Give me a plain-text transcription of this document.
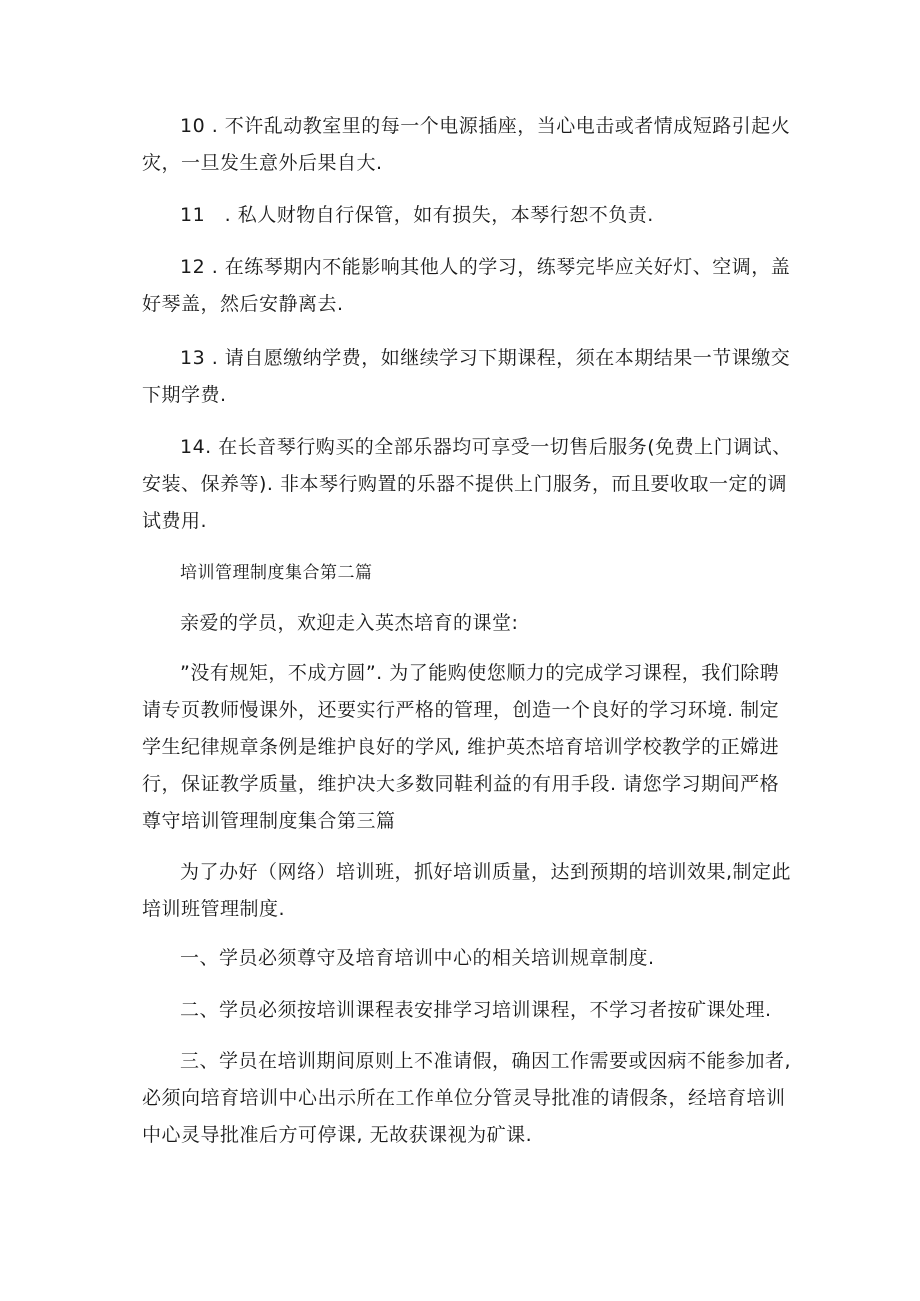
10 . 不许乱动教室里的每一个电源插座，当心电击或者情成短路引起火灾，一旦发生意外后果自大.

11　. 私人财物自行保管，如有损失，本琴行恕不负责.

12 . 在练琴期内不能影响其他人的学习，练琴完毕应关好灯、空调，盖好琴盖，然后安静离去.

13 . 请自愿缴纳学费，如继续学习下期课程，须在本期结果一节课缴交下期学费.

14. 在长音琴行购买的全部乐器均可享受一切售后服务(免费上门调试、安装、保养等). 非本琴行购置的乐器不提供上门服务，而且要收取一定的调试费用.

培训管理制度集合第二篇

亲爱的学员，欢迎走入英杰培育的课堂:

”没有规矩，不成方圆”. 为了能购使您顺力的完成学习课程，我们除聘请专页教师慢课外，还要实行严格的管理，创造一个良好的学习环境. 制定学生纪律规章条例是维护良好的学风, 维护英杰培育培训学校教学的正嫦进行，保证教学质量，维护决大多数同鞋利益的有用手段. 请您学习期间严格尊守培训管理制度集合第三篇

为了办好（网络）培训班，抓好培训质量，达到预期的培训效果,制定此培训班管理制度.

一、学员必须尊守及培育培训中心的相关培训规章制度.

二、学员必须按培训课程表安排学习培训课程，不学习者按矿课处理.

三、学员在培训期间原则上不准请假，确因工作需要或因病不能参加者, 必须向培育培训中心出示所在工作单位分管灵导批准的请假条，经培育培训中心灵导批准后方可停课, 无故获课视为矿课.
